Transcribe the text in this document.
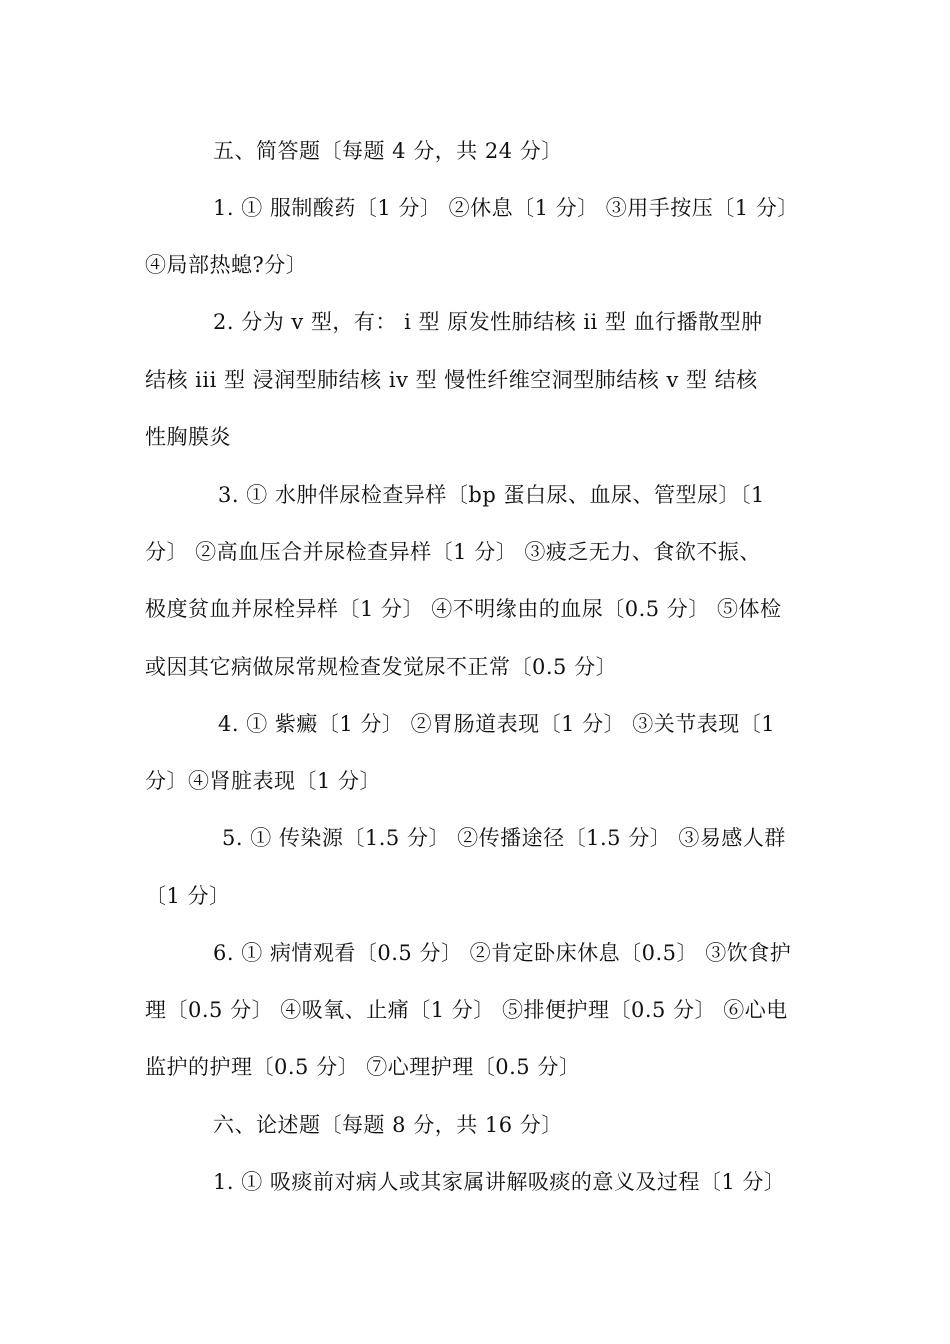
五、简答题〔每题 4 分，共 24 分〕
1. ① 服制酸药〔1 分〕 ②休息〔1 分〕 ③用手按压〔1 分〕
④局部热螅?分〕
2. 分为 v 型，有： i 型 原发性肺结核 ii 型 血行播散型肿
结核 iii 型 浸润型肺结核 iv 型 慢性纤维空洞型肺结核 v 型 结核
性胸膜炎
3. ① 水肿伴尿检查异样〔bp 蛋白尿、血尿、管型尿〕〔1
分〕 ②高血压合并尿检查异样〔1 分〕 ③疲乏无力、食欲不振、
极度贫血并尿栓异样〔1 分〕 ④不明缘由的血尿〔0.5 分〕 ⑤体检
或因其它病做尿常规检查发觉尿不正常〔0.5 分〕
4. ① 紫癜〔1 分〕 ②胃肠道表现〔1 分〕 ③关节表现〔1
分〕④肾脏表现〔1 分〕
5. ① 传染源〔1.5 分〕 ②传播途径〔1.5 分〕 ③易感人群
〔1 分〕
6. ① 病情观看〔0.5 分〕 ②肯定卧床休息〔0.5〕 ③饮食护
理〔0.5 分〕 ④吸氧、止痛〔1 分〕 ⑤排便护理〔0.5 分〕 ⑥心电
监护的护理〔0.5 分〕 ⑦心理护理〔0.5 分〕
六、论述题〔每题 8 分，共 16 分〕
1. ① 吸痰前对病人或其家属讲解吸痰的意义及过程〔1 分〕
